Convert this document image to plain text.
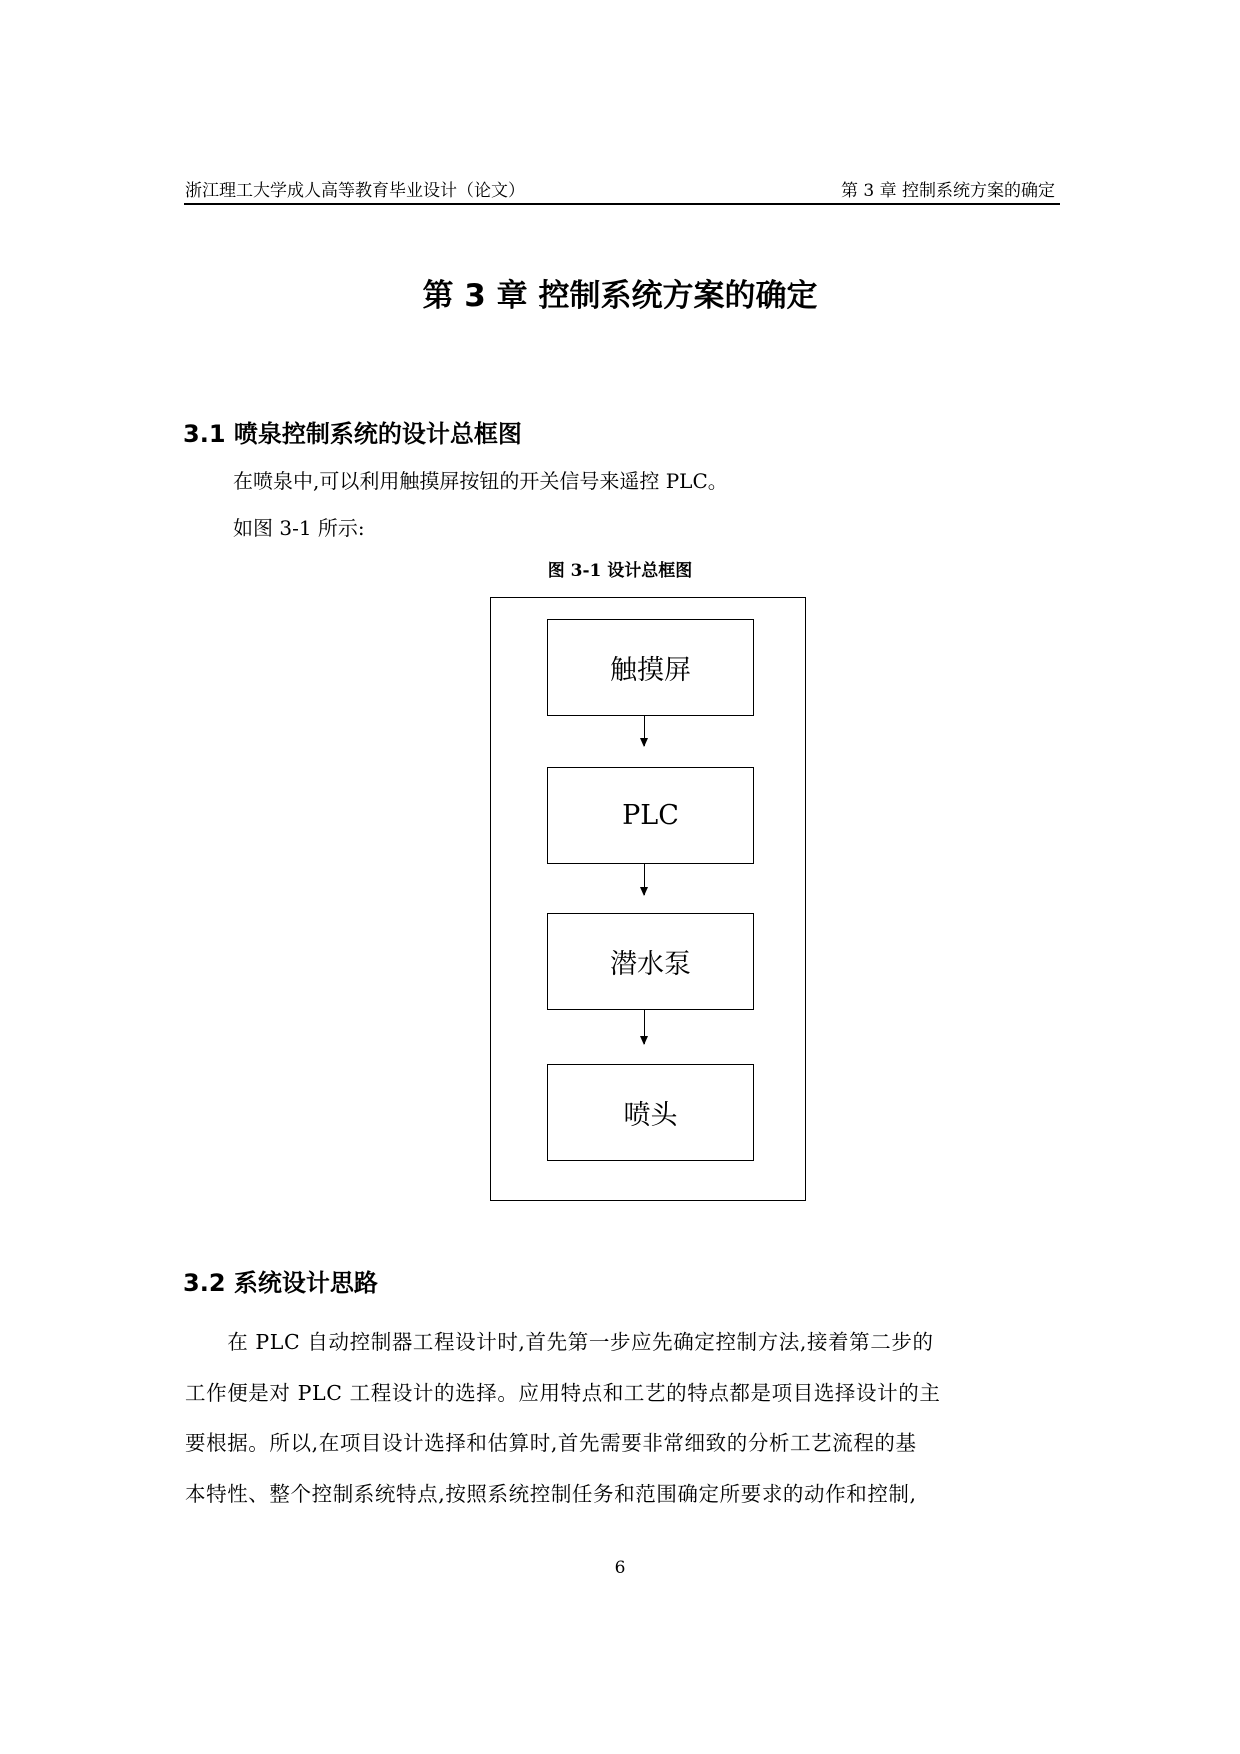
浙江理工大学成人高等教育毕业设计（论文）	第 3 章 控制系统方案的确定
第 3 章 控制系统方案的确定
3.1 喷泉控制系统的设计总框图
在喷泉中,可以利用触摸屏按钮的开关信号来遥控 PLC。
如图 3-1 所示:
图 3-1 设计总框图
触摸屏
PLC
潜水泵
喷头
3.2 系统设计思路
　　在 PLC 自动控制器工程设计时,首先第一步应先确定控制方法,接着第二步的
工作便是对 PLC 工程设计的选择。应用特点和工艺的特点都是项目选择设计的主
要根据。所以,在项目设计选择和估算时,首先需要非常细致的分析工艺流程的基
本特性、整个控制系统特点,按照系统控制任务和范围确定所要求的动作和控制,
6
